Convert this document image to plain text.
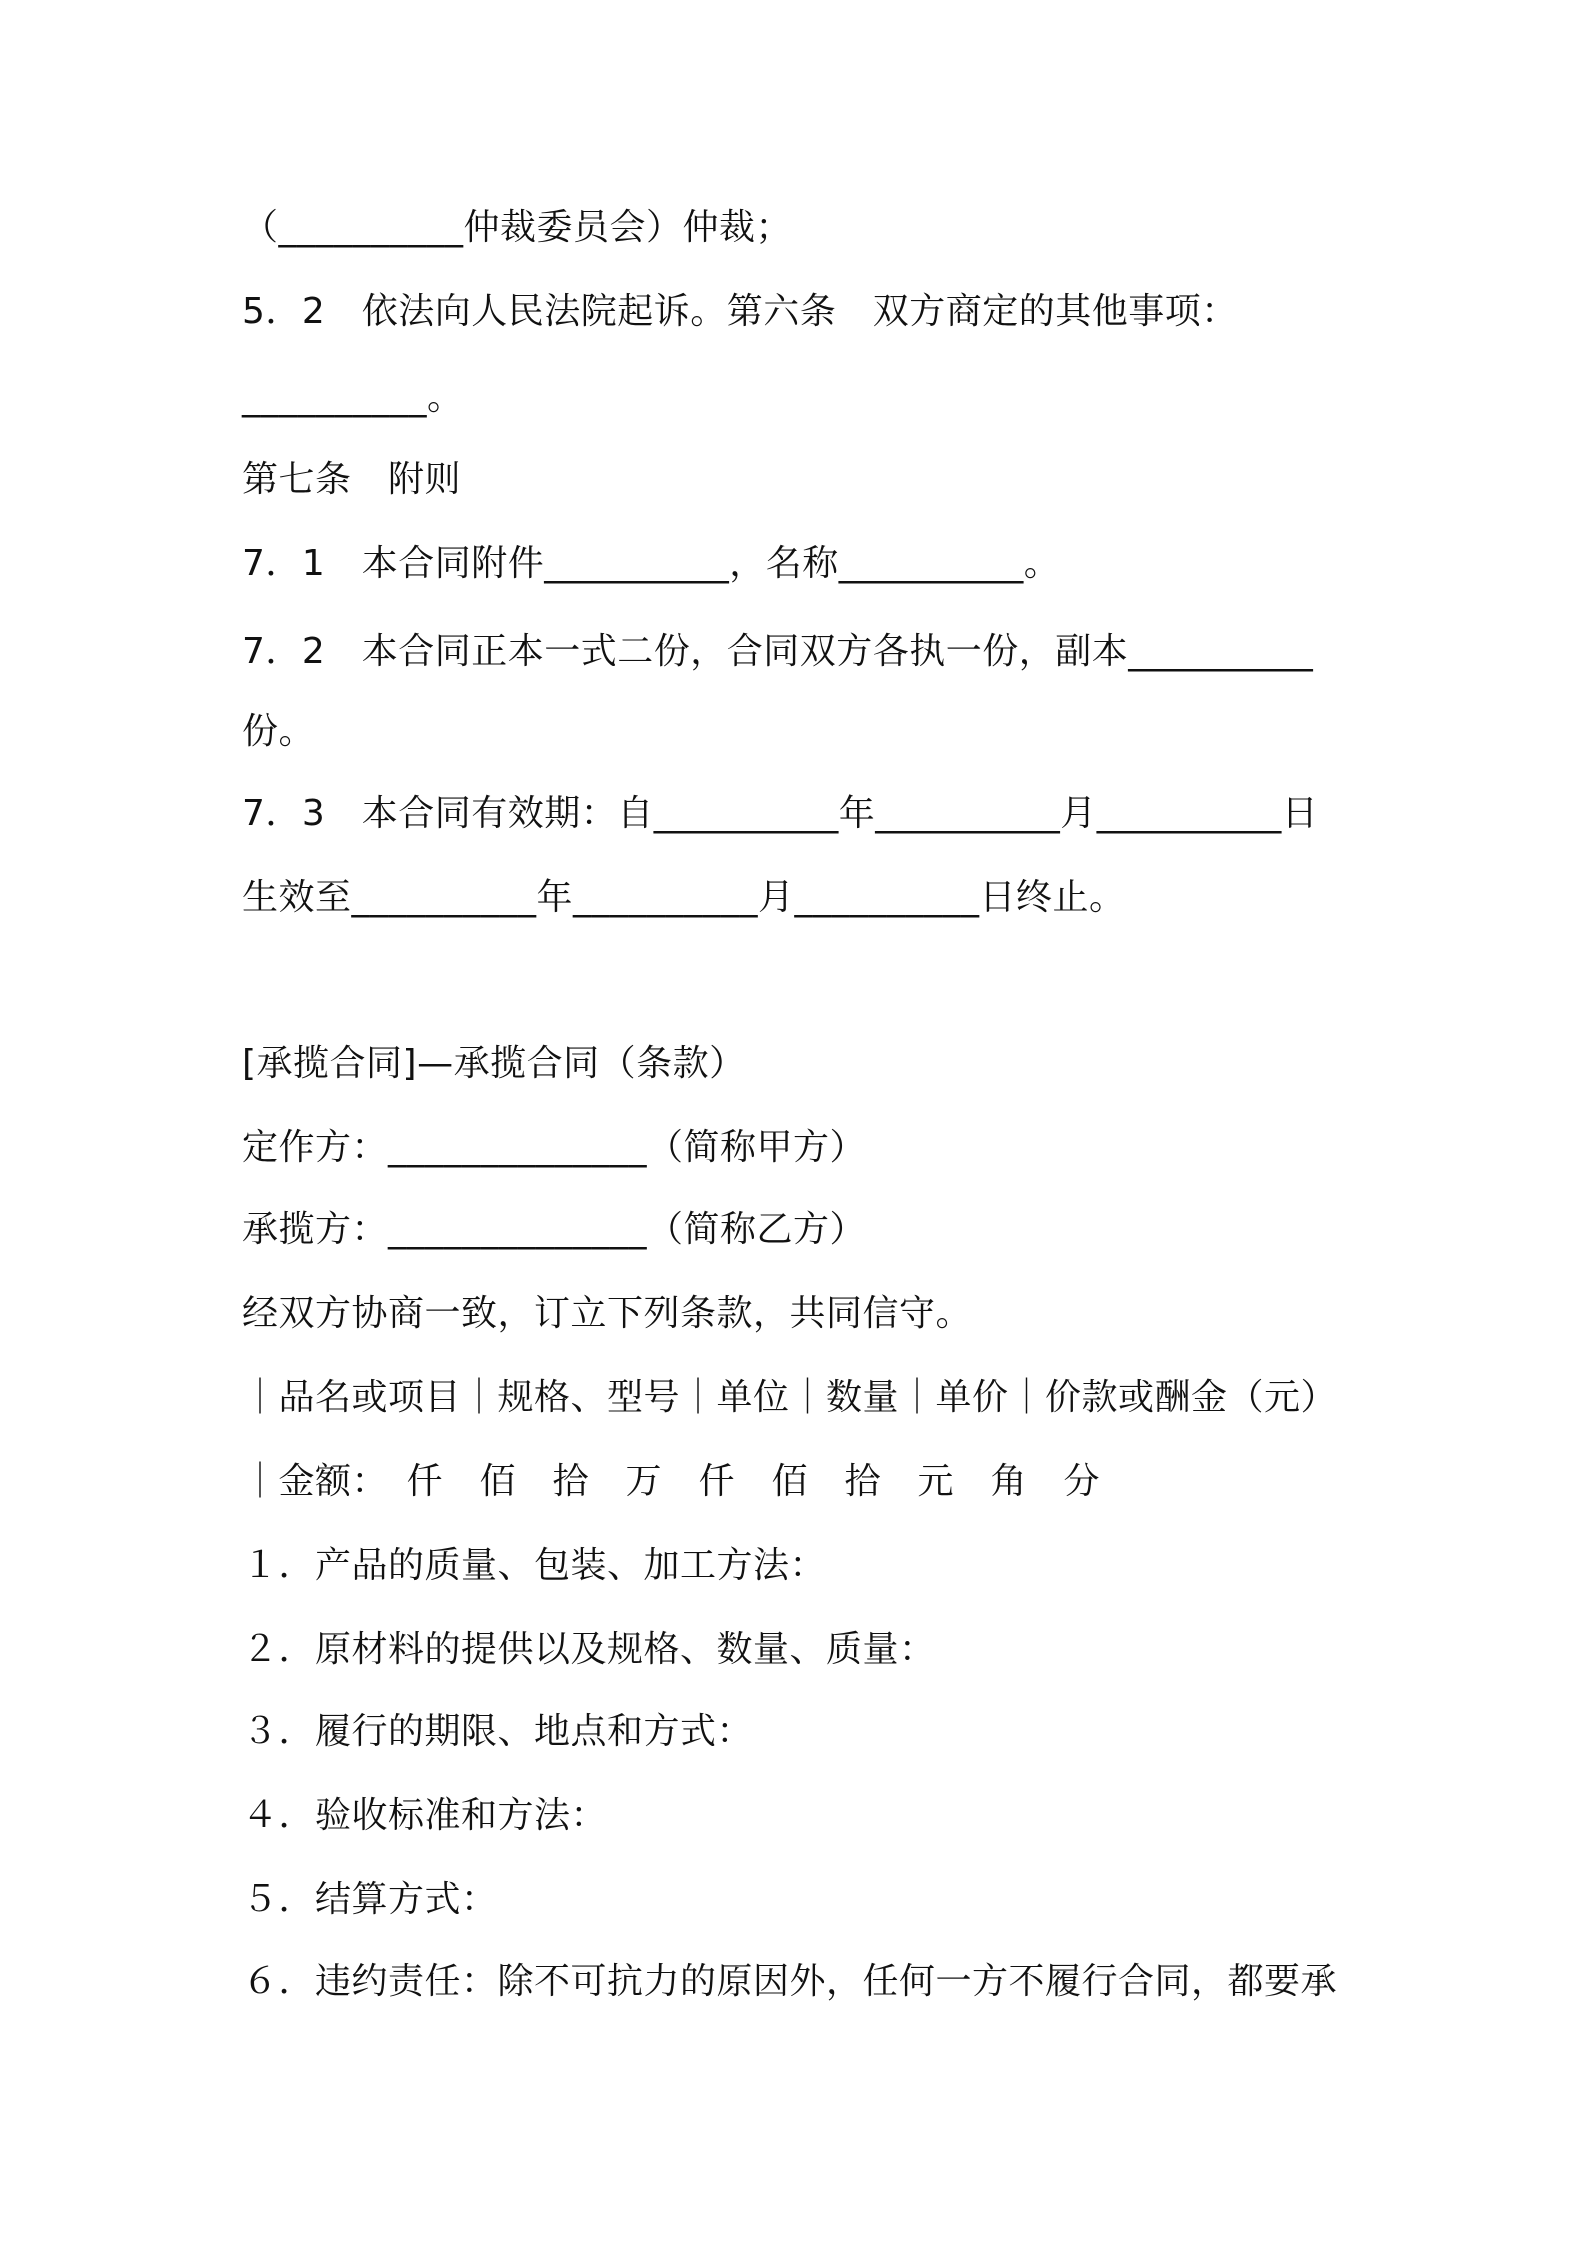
（__________仲裁委员会）仲裁；
5．2　依法向人民法院起诉。第六条　双方商定的其他事项：
__________。
第七条　附则
7．1　本合同附件__________，名称__________。
7．2　本合同正本一式二份，合同双方各执一份，副本__________
份。
7．3　本合同有效期：自__________年__________月__________日
生效至__________年__________月__________日终止。
[承揽合同]—承揽合同（条款）
定作方：______________（简称甲方）
承揽方：______________（简称乙方）
经双方协商一致，订立下列条款，共同信守。
｜品名或项目｜规格、型号｜单位｜数量｜单价｜价款或酬金（元）
｜金额：　仟　佰　拾　万　仟　佰　拾　元　角　分
１．产品的质量、包装、加工方法：
２．原材料的提供以及规格、数量、质量：
３．履行的期限、地点和方式：
４．验收标准和方法：
５．结算方式：
６．违约责任：除不可抗力的原因外，任何一方不履行合同，都要承
